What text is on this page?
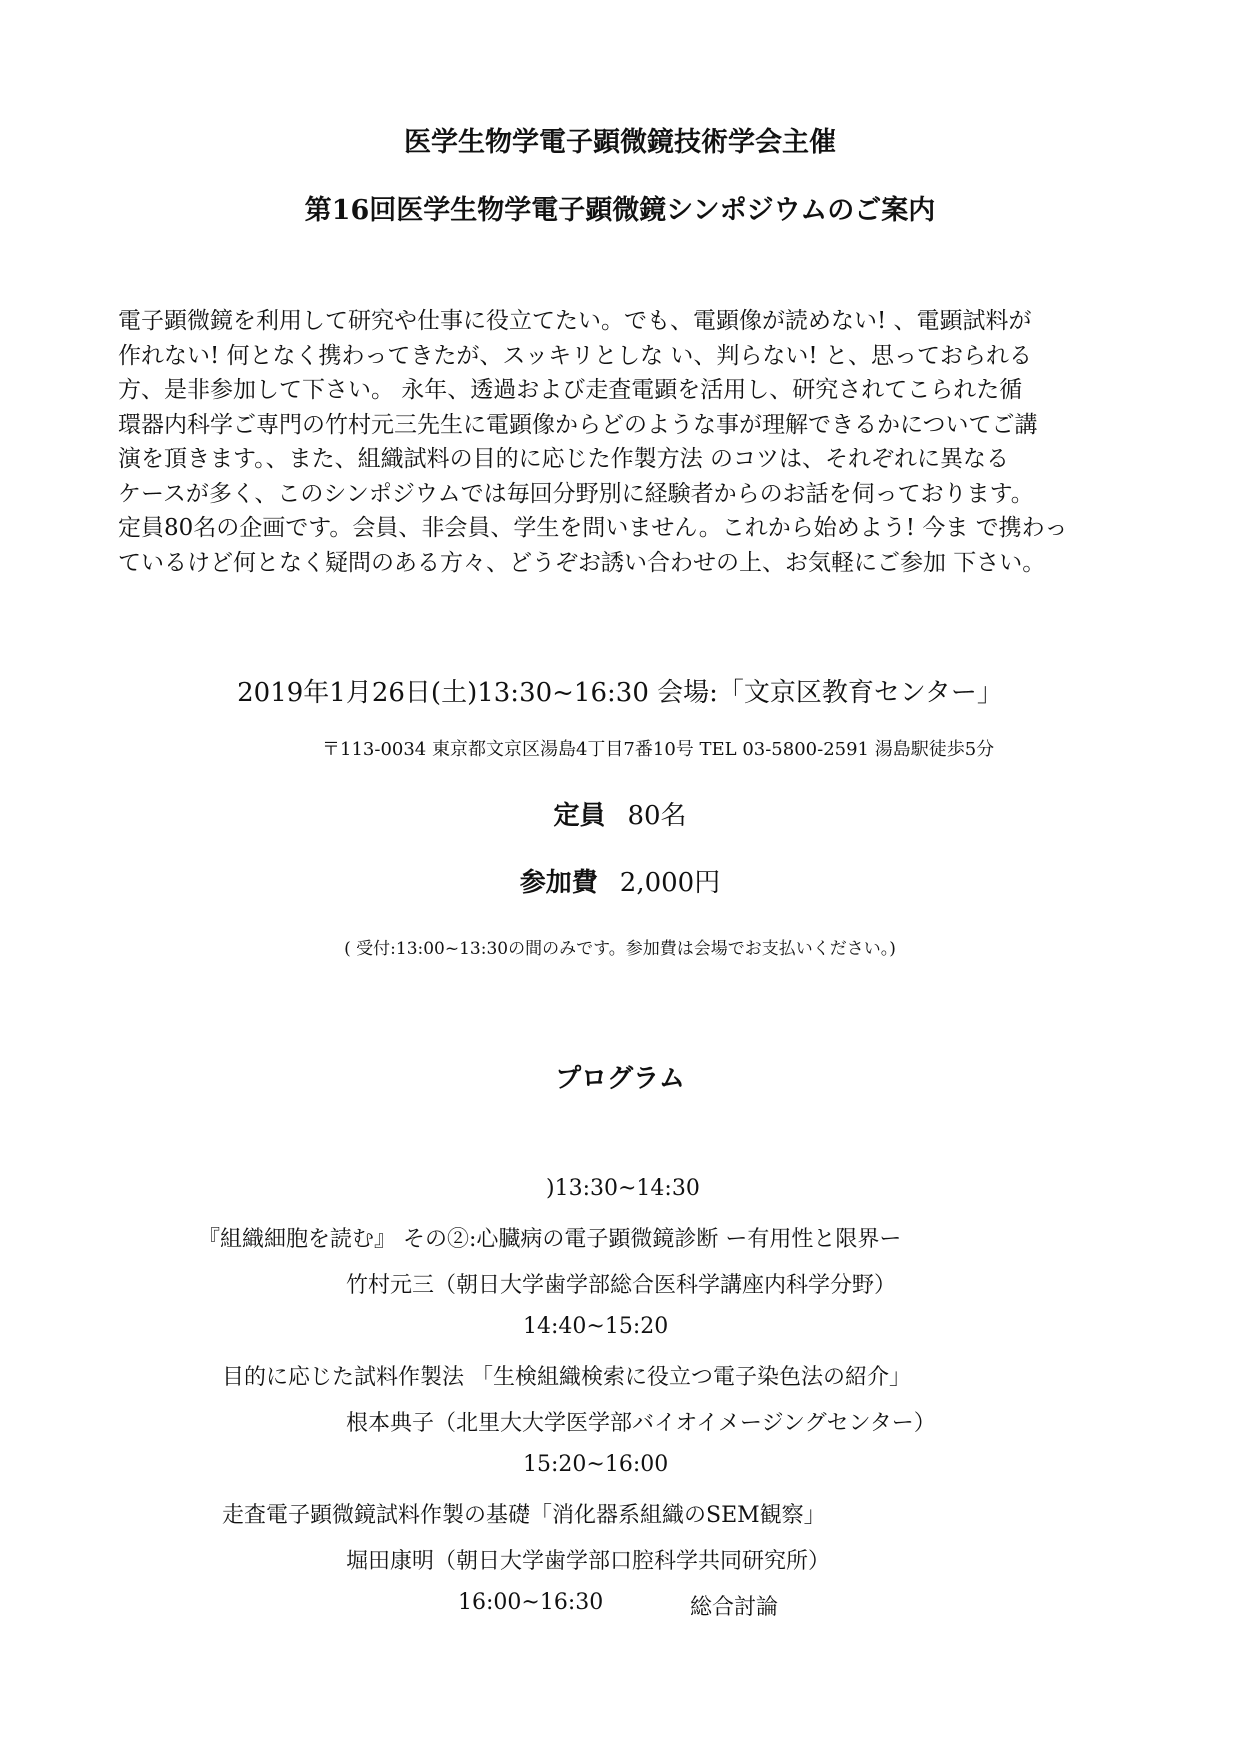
医学生物学電子顕微鏡技術学会主催
第16回医学生物学電子顕微鏡シンポジウムのご案内
電子顕微鏡を利用して研究や仕事に役立てたい。でも、電顕像が読めない! 、電顕試料が
作れない! 何となく携わってきたが、スッキリとしな い、判らない! と、思っておられる
方、是非参加して下さい。 永年、透過および走査電顕を活用し、研究されてこられた循
環器内科学ご専門の竹村元三先生に電顕像からどのような事が理解できるかについてご講
演を頂きます。、また、組織試料の目的に応じた作製方法 のコツは、それぞれに異なる
ケースが多く、このシンポジウムでは毎回分野別に経験者からのお話を伺っております。
定員80名の企画です。会員、非会員、学生を問いません。これから始めよう! 今ま で携わっ
ているけど何となく疑問のある方々、どうぞお誘い合わせの上、お気軽にご参加 下さい。
2019年1月26日(土)13:30~16:30 会場:「文京区教育センター」
〒113-0034 東京都文京区湯島4丁目7番10号 TEL 03-5800-2591 湯島駅徒歩5分
定員 80名
参加費 2,000円
( 受付:13:00~13:30の間のみです。参加費は会場でお支払いください。)
プログラム
)13:30~14:30
『組織細胞を読む』 その②:心臓病の電子顕微鏡診断 ー有用性と限界ー
竹村元三（朝日大学歯学部総合医科学講座内科学分野）
14:40~15:20
目的に応じた試料作製法 「生検組織検索に役立つ電子染色法の紹介」
根本典子（北里大大学医学部バイオイメージングセンター）
15:20~16:00
走査電子顕微鏡試料作製の基礎「消化器系組織のSEM観察」
堀田康明（朝日大学歯学部口腔科学共同研究所）
16:00~16:30	総合討論
